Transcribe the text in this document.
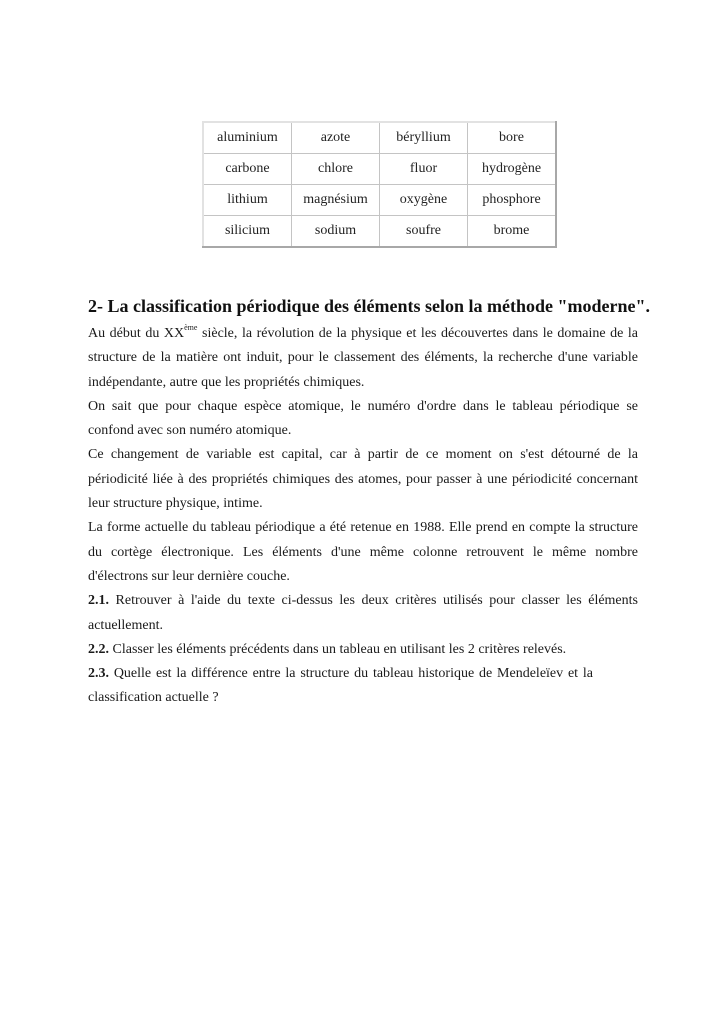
aluminium	azote	béryllium	bore
carbone	chlore	fluor	hydrogène
lithium	magnésium	oxygène	phosphore
silicium	sodium	soufre	brome
2- La classification périodique des éléments selon la méthode "moderne".

Au début du XXème siècle, la révolution de la physique et les découvertes dans le domaine de la structure de la matière ont induit, pour le classement des éléments, la recherche d'une variable indépendante, autre que les propriétés chimiques.

On sait que pour chaque espèce atomique, le numéro d'ordre dans le tableau périodique se confond avec son numéro atomique.

Ce changement de variable est capital, car à partir de ce moment on s'est détourné de la périodicité liée à des propriétés chimiques des atomes, pour passer à une périodicité concernant leur structure physique, intime.

La forme actuelle du tableau périodique a été retenue en 1988. Elle prend en compte la structure du cortège électronique. Les éléments d'une même colonne retrouvent le même nombre d'électrons sur leur dernière couche.

2.1. Retrouver à l'aide du texte ci-dessus les deux critères utilisés pour classer les éléments actuellement.

2.2. Classer les éléments précédents dans un tableau en utilisant les 2 critères relevés.

2.3. Quelle est la différence entre la structure du tableau historique de Mendeleïev et la classification actuelle ?
